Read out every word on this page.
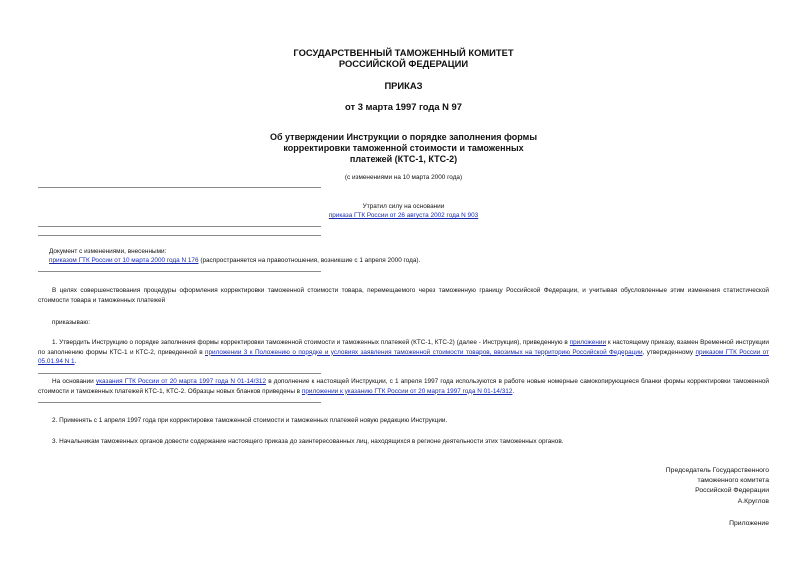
ГОСУДАРСТВЕННЫЙ ТАМОЖЕННЫЙ КОМИТЕТ
РОССИЙСКОЙ ФЕДЕРАЦИИ
ПРИКАЗ
от 3 марта 1997 года N 97
Об утверждении Инструкции о порядке заполнения формы
корректировки таможенной стоимости и таможенных
платежей (КТС-1, КТС-2)
(с изменениями на 10 марта 2000 года)
Утратил силу на основании
приказа ГТК России от 26 августа 2002 года N 903
Документ с изменениями, внесенными:
приказом ГТК России от 10 марта 2000 года N 176 (распространяется на правоотношения, возникшие с 1 апреля 2000 года).
В целях совершенствования процедуры оформления корректировки таможенной стоимости товара, перемещаемого через таможенную границу Российской Федерации, и учитывая обусловленные этим изменения статистической стоимости товара и таможенных платежей
приказываю:
1. Утвердить Инструкцию о порядке заполнения формы корректировки таможенной стоимости и таможенных платежей (КТС-1, КТС-2) (далее - Инструкция), приведенную в приложении к настоящему приказу, взамен Временной инструкции по заполнению формы КТС-1 и КТС-2, приведенной в приложении 3 к Положению о порядке и условиях заявления таможенной стоимости товаров, ввозимых на территорию Российской Федерации, утвержденному приказом ГТК России от 05.01.94 N 1.
На основании указания ГТК России от 20 марта 1997 года N 01-14/312 в дополнение к настоящей Инструкции, с 1 апреля 1997 года используются в работе новые номерные самокопирующиеся бланки формы корректировки таможенной стоимости и таможенных платежей КТС-1, КТС-2. Образцы новых бланков приведены в приложении к указанию ГТК России от 20 марта 1997 года N 01-14/312.
2. Применять с 1 апреля 1997 года при корректировке таможенной стоимости и таможенных платежей новую редакцию Инструкции.
3. Начальникам таможенных органов довести содержание настоящего приказа до заинтересованных лиц, находящихся в регионе деятельности этих таможенных органов.
Председатель Государственного
таможенного комитета
Российской Федерации
А.Круглов
Приложение
